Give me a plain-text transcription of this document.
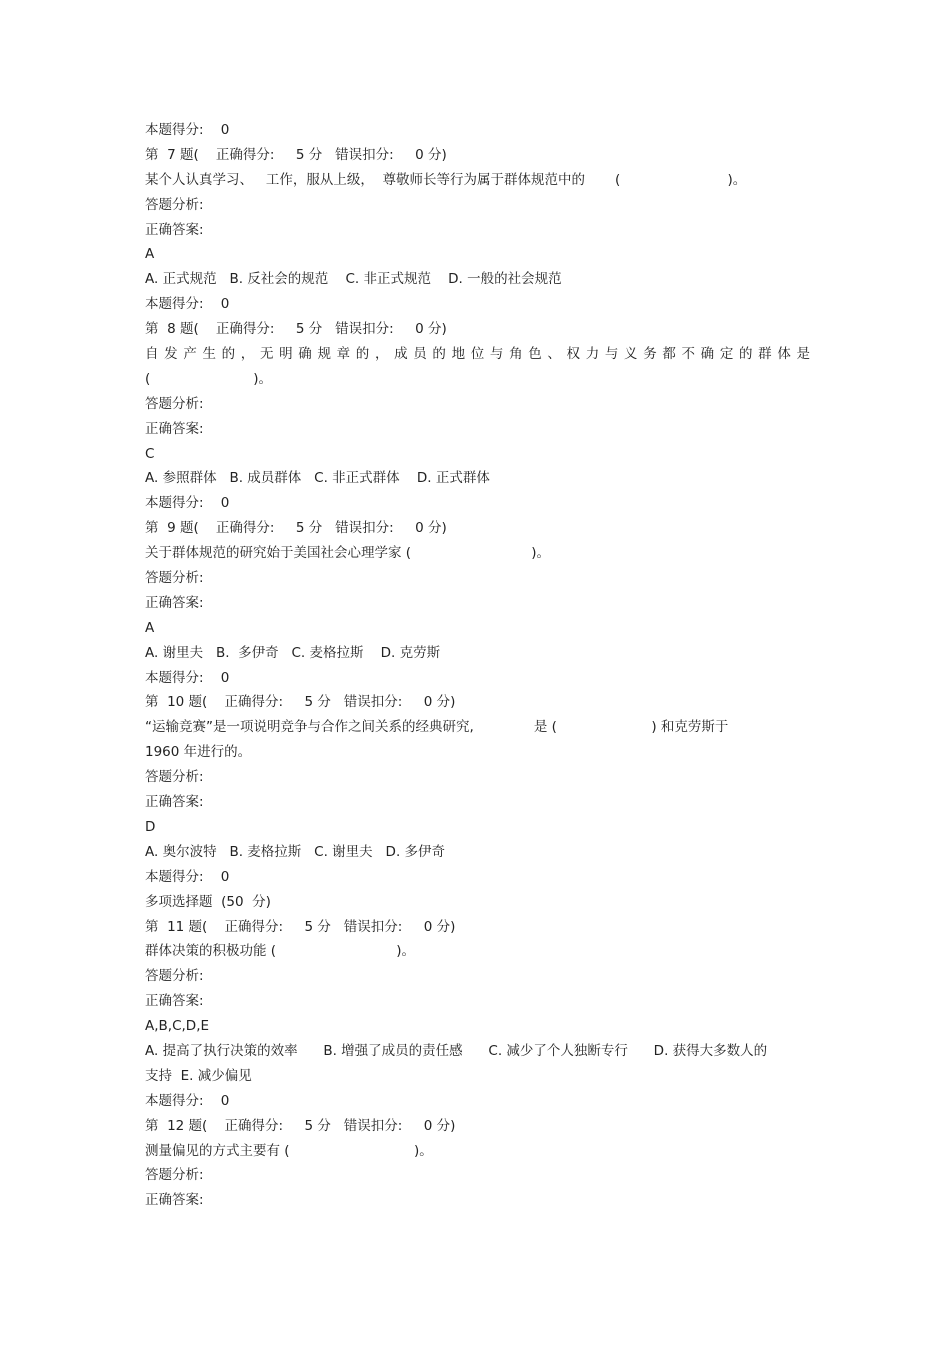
本题得分:    0
第  7 题(    正确得分:     5 分   错误扣分:     0 分)
某个人认真学习、   工作，服从上级，  尊敬师长等行为属于群体规范中的       (                         )。
答题分析:
正确答案:
A
A. 正式规范   B. 反社会的规范    C. 非正式规范    D. 一般的社会规范
本题得分:    0
第  8 题(    正确得分:     5 分   错误扣分:     0 分)
自 发 产 生 的 ， 无 明 确 规 章 的 ， 成 员 的 地 位 与 角 色 、 权 力 与 义 务 都 不 确 定 的 群 体 是
(                        )。
答题分析:
正确答案:
C
A. 参照群体   B. 成员群体   C. 非正式群体    D. 正式群体
本题得分:    0
第  9 题(    正确得分:     5 分   错误扣分:     0 分)
关于群体规范的研究始于美国社会心理学家 (                            )。
答题分析:
正确答案:
A
A. 谢里夫   B.  多伊奇   C. 麦格拉斯    D. 克劳斯
本题得分:    0
第  10 题(    正确得分:     5 分   错误扣分:     0 分)
“运输竞赛”是一项说明竞争与合作之间关系的经典研究,              是 (                      ) 和克劳斯于
1960 年进行的。
答题分析:
正确答案:
D
A. 奥尔波特   B. 麦格拉斯   C. 谢里夫   D. 多伊奇
本题得分:    0
多项选择题  (50  分)
第  11 题(    正确得分:     5 分   错误扣分:     0 分)
群体决策的积极功能 (                            )。
答题分析:
正确答案:
A,B,C,D,E
A. 提高了执行决策的效率      B. 增强了成员的责任感      C. 减少了个人独断专行      D. 获得大多数人的
支持  E. 减少偏见
本题得分:    0
第  12 题(    正确得分:     5 分   错误扣分:     0 分)
测量偏见的方式主要有 (                             )。
答题分析:
正确答案:
